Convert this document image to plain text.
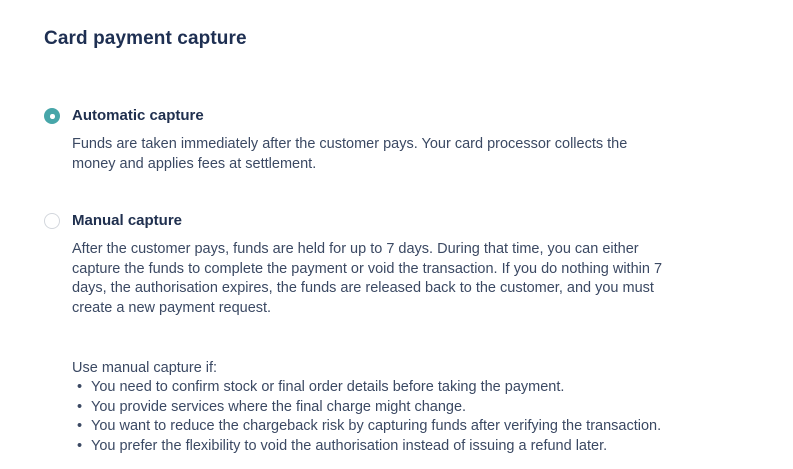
Card payment capture
Automatic capture

Funds are taken immediately after the customer pays. Your card processor collects the money and applies fees at settlement.

Manual capture

After the customer pays, funds are held for up to 7 days. During that time, you can either capture the funds to complete the payment or void the transaction. If you do nothing within 7 days, the authorisation expires, the funds are released back to the customer, and you must create a new payment request.

Use manual capture if:

• You need to confirm stock or final order details before taking the payment.
• You provide services where the final charge might change.
• You want to reduce the chargeback risk by capturing funds after verifying the transaction.
• You prefer the flexibility to void the authorisation instead of issuing a refund later.
